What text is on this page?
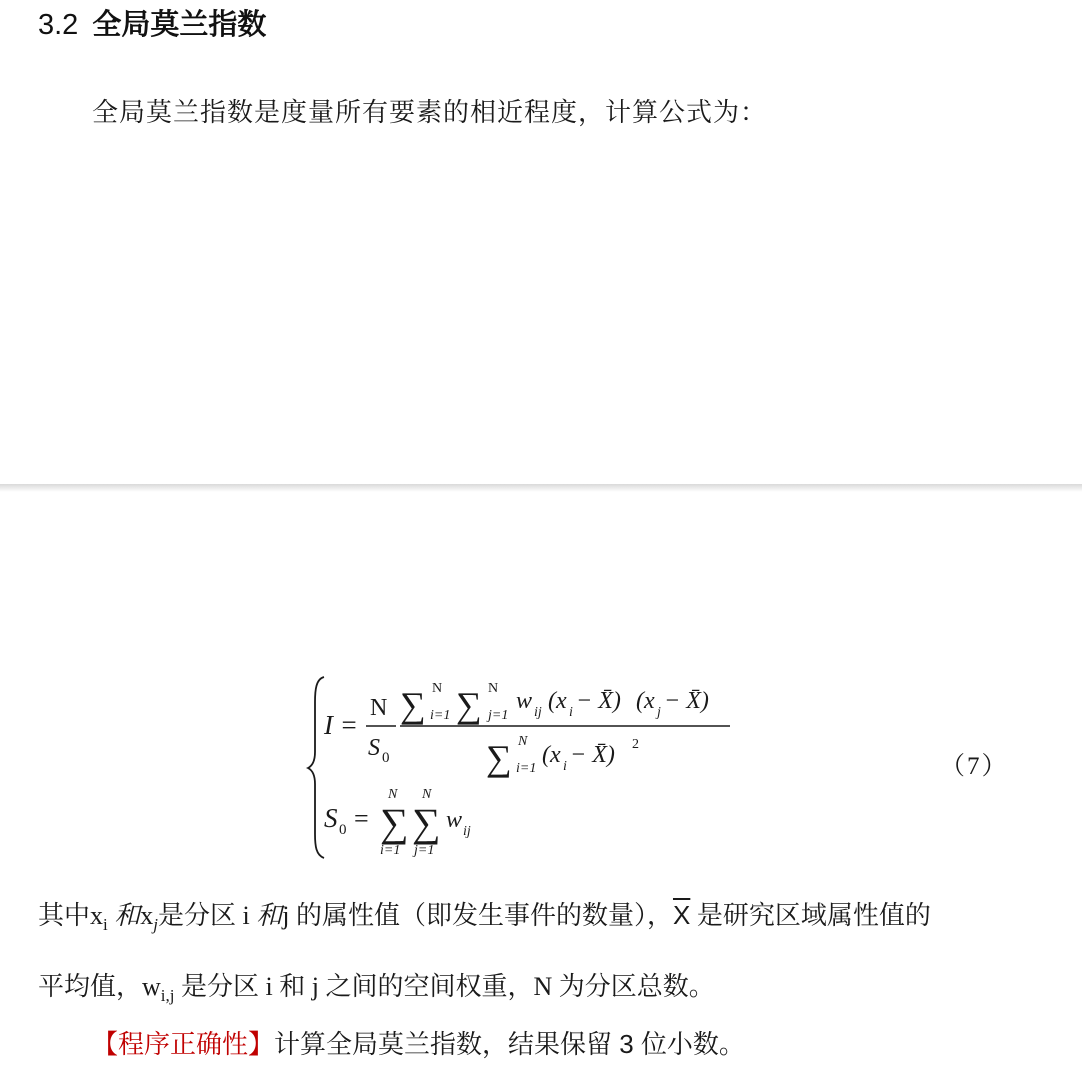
3.2 全局莫兰指数

全局莫兰指数是度量所有要素的相近程度，计算公式为：

I =
N
S 0
∑ N
i=1 ∑ N
j=1
w ij (x i − X̄) (x j − X̄)
∑ N
i=1
(x i − X̄) 2
S 0 =
N
∑
i=1
N
∑
j=1
w ij
（7）

其中$x_i$ 和$x_j$是分区 i 和j 的属性值（即发生事件的数量），$\overline{X}$ 是研究区域属性值的

平均值，$w_{i,j}$ 是分区 i 和 j 之间的空间权重，N 为分区总数。

【程序正确性】计算全局莫兰指数，结果保留 3 位小数。
